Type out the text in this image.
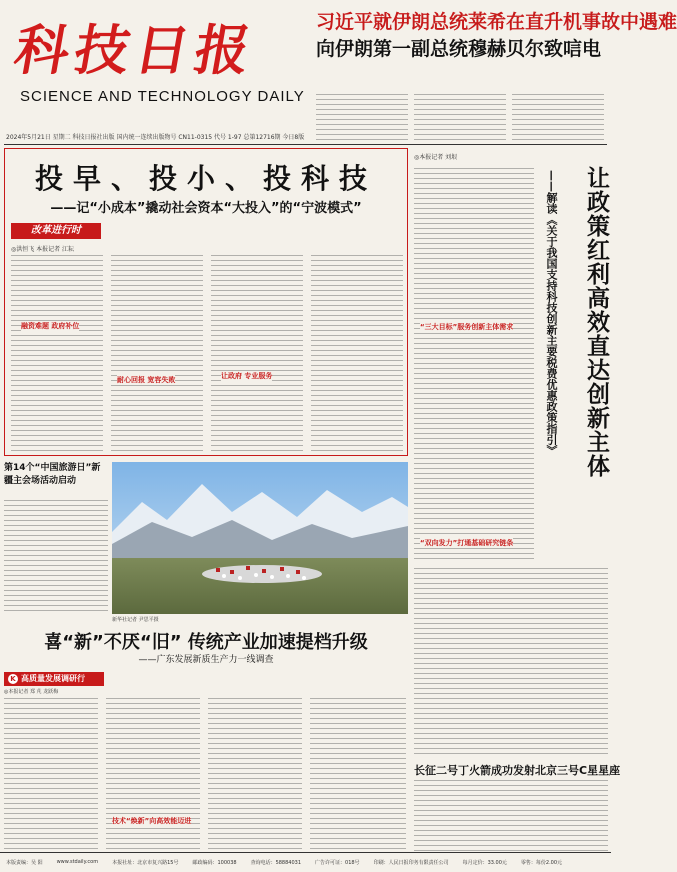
科技日报
SCIENCE AND TECHNOLOGY DAILY
2024年5月21日 星期二 科技日报社出版 国内统一连续出版物号 CN11-0315 代号 1-97 总第12716期 今日8版
习近平就伊朗总统莱希在直升机事故中遇难
向伊朗第一副总统穆赫贝尔致唁电
投早、投小、投科技
——记“小成本”撬动社会资本“大投入”的“宁波模式”
改革进行时
◎洪恒飞 本报记者 江耘
融资难题 政府补位
耐心回报 宽容失败	让政府 专业服务
◎本报记者 刘垠
“三大目标”服务创新主体需求
“双向发力”打通基础研究链条
——解读《关于我国支持科技创新主要税费优惠政策指引》	让政策红利高效直达创新主体
第14个“中国旅游日”新疆主会场活动启动
新华社记者 尹思平摄
喜“新”不厌“旧” 传统产业加速提档升级
——广东发展新质生产力一线调查
K 高质量发展调研行
◎本报记者 郑 芃 龙跃梅
技术“焕新”向高效能迈进
长征二号丁火箭成功发射北京三号C星星座
本版责编：吴 阳	www.stdaily.com	本报社址：北京市复兴路15号	邮政编码：100038	查询电话：58884031	广告许可证：018号	印刷：人民日报印务有限责任公司	每月定价：33.00元	零售：每份2.00元
